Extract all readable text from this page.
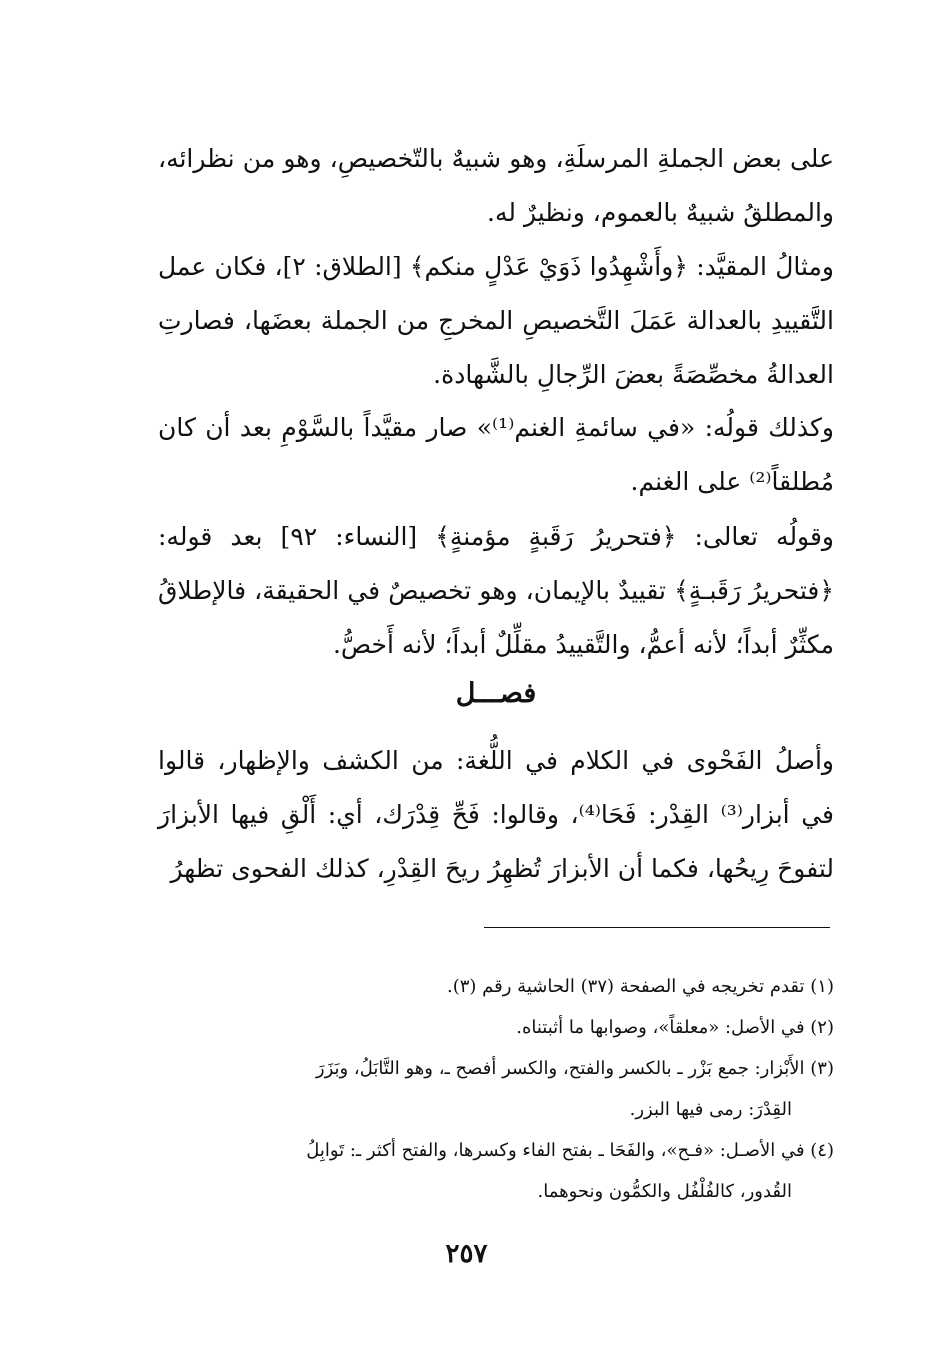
على بعض الجملةِ المرسلَةِ، وهو شبيهٌ بالتّخصيصِ، وهو من نظرائه، والمطلقُ شبيهٌ بالعموم، ونظيرٌ له.

ومثالُ المقيَّد: ﴿وأَشْهِدُوا ذَوَيْ عَدْلٍ منكم﴾ [الطلاق: ٢]، فكان عمل التَّقييدِ بالعدالة عَمَلَ التَّخصيصِ المخرجِ من الجملة بعضَها، فصارتِ العدالةُ مخصِّصَةً بعضَ الرِّجالِ بالشَّهادة.

وكذلك قولُه: «في سائمةِ الغنم⁽¹⁾» صار مقيَّداً بالسَّوْمِ بعد أن كان مُطلقاً⁽²⁾ على الغنم.

وقولُه تعالى: ﴿فتحريرُ رَقَبةٍ مؤمنةٍ﴾ [النساء: ٩٢] بعد قوله: ﴿فتحريرُ رَقَبـةٍ﴾ تقييدٌ بالإيمان، وهو تخصيصٌ في الحقيقة، فالإطلاقُ مكثِّرٌ أبداً؛ لأنه أعمُّ، والتَّقييدُ مقلِّلٌ أبداً؛ لأنه أَخصُّ.

فصـــل

وأصلُ الفَحْوى في الكلام في اللُّغة: من الكشف والإظهار، قالوا في أبزار⁽³⁾ القِدْر: فَحَا⁽⁴⁾، وقالوا: فَحِّ قِدْرَك، أي: أَلْقِ فيها الأبزارَ لتفوحَ رِيحُها، فكما أن الأبزارَ تُظهِرُ ريحَ القِدْرِ، كذلك الفحوى تظهرُ

(١) تقدم تخريجه في الصفحة (٣٧) الحاشية رقم (٣).

(٢) في الأصل: «معلقاً»، وصوابها ما أثبتناه.

(٣) الأَبْزار: جمع بَزْر ـ بالكسر والفتح، والكسر أفصح ـ، وهو التَّابَلُ، وبَزَرَ

القِدْرَ: رمى فيها البزر.

(٤) في الأصـل: «فـح»، والفَحَا ـ بفتح الفاء وكسرها، والفتح أكثر ـ: تَوابِلُ

القُدور، كالفُلْفُل والكمُّون ونحوهما.

٢٥٧
